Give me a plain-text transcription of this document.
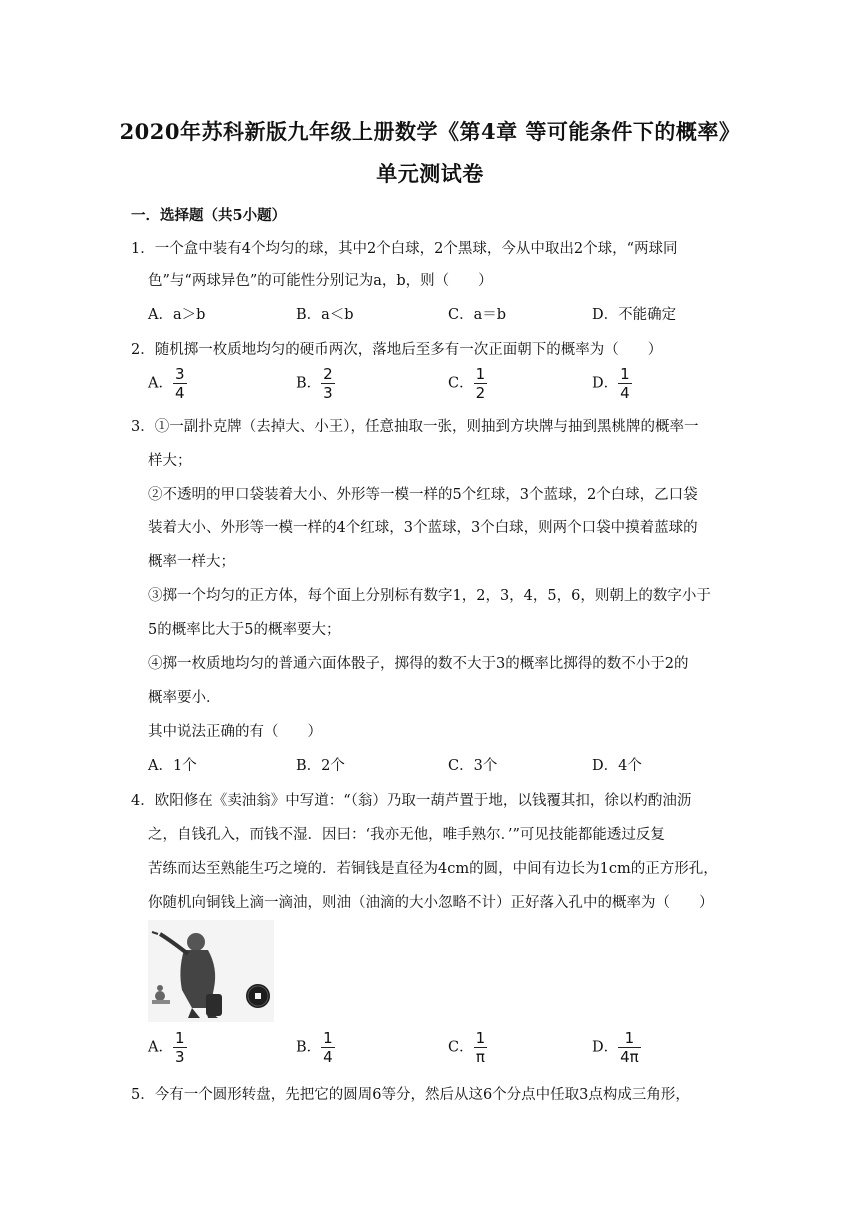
2020年苏科新版九年级上册数学《第4章 等可能条件下的概率》
单元测试卷
一．选择题（共5小题）
1．一个盒中装有4个均匀的球，其中2个白球，2个黑球，今从中取出2个球，“两球同
色”与“两球异色”的可能性分别记为a，b，则（　　）
A．a＞b	B．a＜b	C．a＝b	D．不能确定
2．随机掷一枚质地均匀的硬币两次，落地后至多有一次正面朝下的概率为（　　）
A． $\frac{3}{4}$	B． $\frac{2}{3}$	C． $\frac{1}{2}$	D． $\frac{1}{4}$
3．①一副扑克牌（去掉大、小王），任意抽取一张，则抽到方块牌与抽到黑桃牌的概率一
样大；
②不透明的甲口袋装着大小、外形等一模一样的5个红球，3个蓝球，2个白球，乙口袋
装着大小、外形等一模一样的4个红球，3个蓝球，3个白球，则两个口袋中摸着蓝球的
概率一样大；
③掷一个均匀的正方体，每个面上分别标有数字1，2，3，4，5，6，则朝上的数字小于
5的概率比大于5的概率要大；
④掷一枚质地均匀的普通六面体骰子，掷得的数不大于3的概率比掷得的数不小于2的
概率要小．
其中说法正确的有（　　）
A．1个	B．2个	C．3个	D．4个
4．欧阳修在《卖油翁》中写道：“（翁）乃取一葫芦置于地，以钱覆其扣，徐以杓酌油沥
之，自钱孔入，而钱不湿．因曰：‘我亦无他，唯手熟尔．’”可见技能都能透过反复
苦练而达至熟能生巧之境的．若铜钱是直径为4cm的圆，中间有边长为1cm的正方形孔，
你随机向铜钱上滴一滴油，则油（油滴的大小忽略不计）正好落入孔中的概率为（　　）
A． $\frac{1}{3}$	B． $\frac{1}{4}$	C． $\frac{1}{\pi}$	D． $\frac{1}{4\pi}$
5．今有一个圆形转盘，先把它的圆周6等分，然后从这6个分点中任取3点构成三角形，
